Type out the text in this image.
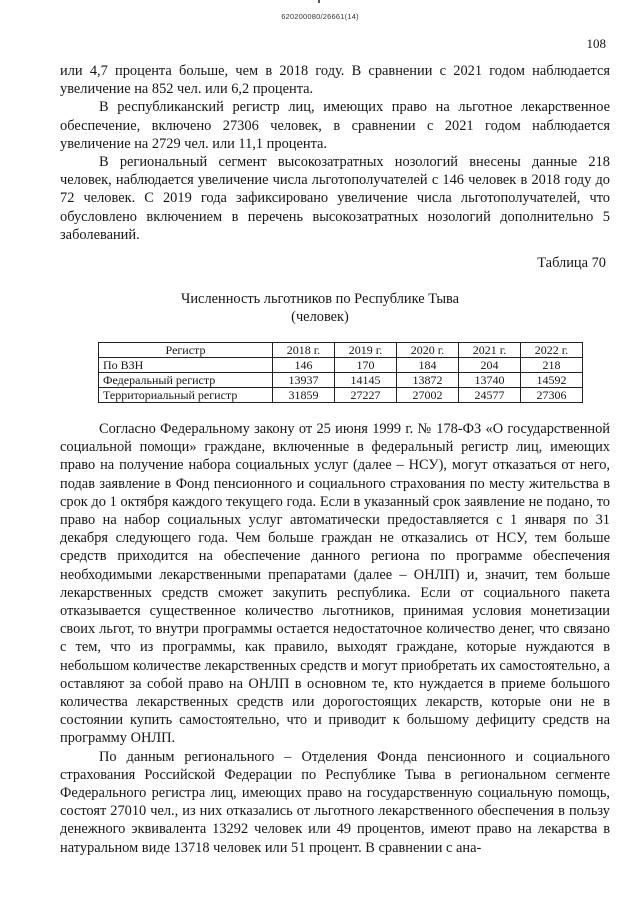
620200080/26661(14)
108

или 4,7 процента больше, чем в 2018 году. В сравнении с 2021 годом наблюдается увеличение на 852 чел. или 6,2 процента.

В республиканский регистр лиц, имеющих право на льготное лекарственное обеспечение, включено 27306 человек, в сравнении с 2021 годом наблюдается увеличение на 2729 чел. или 11,1 процента.

В региональный сегмент высокозатратных нозологий внесены данные 218 человек, наблюдается увеличение числа льготополучателей с 146 человек в 2018 году до 72 человек. С 2019 года зафиксировано увеличение числа льготополучателей, что обусловлено включением в перечень высокозатратных нозологий дополнительно 5 заболеваний.

Таблица 70
Численность льготников по Республике Тыва
(человек)
Регистр	2018 г.	2019 г.	2020 г.	2021 г.	2022 г.
По ВЗН	146	170	184	204	218
Федеральный регистр	13937	14145	13872	13740	14592
Территориальный регистр	31859	27227	27002	24577	27306

Согласно Федеральному закону от 25 июня 1999 г. № 178-ФЗ «О государственной социальной помощи» граждане, включенные в федеральный регистр лиц, имеющих право на получение набора социальных услуг (далее – НСУ), могут отказаться от него, подав заявление в Фонд пенсионного и социального страхования по месту жительства в срок до 1 октября каждого текущего года. Если в указанный срок заявление не подано, то право на набор социальных услуг автоматически предоставляется с 1 января по 31 декабря следующего года. Чем больше граждан не отказались от НСУ, тем больше средств приходится на обеспечение данного региона по программе обеспечения необходимыми лекарственными препаратами (далее – ОНЛП) и, значит, тем больше лекарственных средств сможет закупить республика. Если от социального пакета отказывается существенное количество льготников, принимая условия монетизации своих льгот, то внутри программы остается недостаточное количество денег, что связано с тем, что из программы, как правило, выходят граждане, которые нуждаются в небольшом количестве лекарственных средств и могут приобретать их самостоятельно, а оставляют за собой право на ОНЛП в основном те, кто нуждается в приеме большого количества лекарственных средств или дорогостоящих лекарств, которые они не в состоянии купить самостоятельно, что и приводит к большому дефициту средств на программу ОНЛП.

По данным регионального – Отделения Фонда пенсионного и социального страхования Российской Федерации по Республике Тыва в региональном сегменте Федерального регистра лиц, имеющих право на государственную социальную помощь, состоят 27010 чел., из них отказались от льготного лекарственного обеспечения в пользу денежного эквивалента 13292 человек или 49 процентов, имеют право на лекарства в натуральном виде 13718 человек или 51 процент. В сравнении с ана-
